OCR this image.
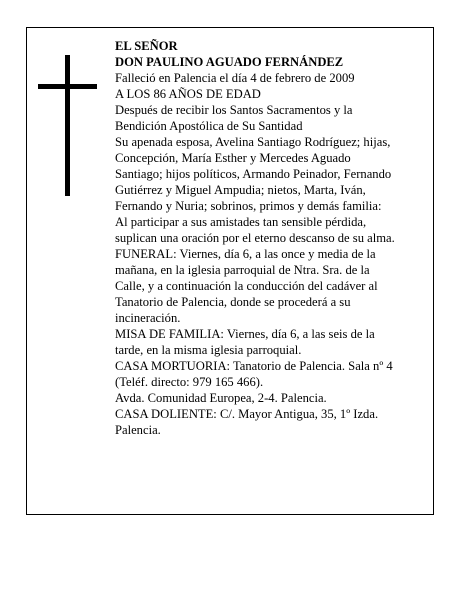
EL SEÑOR

DON PAULINO AGUADO FERNÁNDEZ

Falleció en Palencia el día 4 de febrero de 2009

A LOS 86 AÑOS DE EDAD

Después de recibir los Santos Sacramentos y la
Bendición Apostólica de Su Santidad

Su apenada esposa, Avelina Santiago Rodríguez; hijas,
Concepción, María Esther y Mercedes Aguado
Santiago; hijos políticos, Armando Peinador, Fernando
Gutiérrez y Miguel Ampudia; nietos, Marta, Iván,
Fernando y Nuria; sobrinos, primos y demás familia:

Al participar a sus amistades tan sensible pérdida,
suplican una oración por el eterno descanso de su alma.

FUNERAL: Viernes, día 6, a las once y media de la
mañana, en la iglesia parroquial de Ntra. Sra. de la
Calle, y a continuación la conducción del cadáver al
Tanatorio de Palencia, donde se procederá a su
incineración.

MISA DE FAMILIA: Viernes, día 6, a las seis de la
tarde, en la misma iglesia parroquial.

CASA MORTUORIA: Tanatorio de Palencia. Sala nº 4
(Teléf. directo: 979 165 466).

Avda. Comunidad Europea, 2-4. Palencia.

CASA DOLIENTE: C/. Mayor Antigua, 35, 1º Izda.
Palencia.
